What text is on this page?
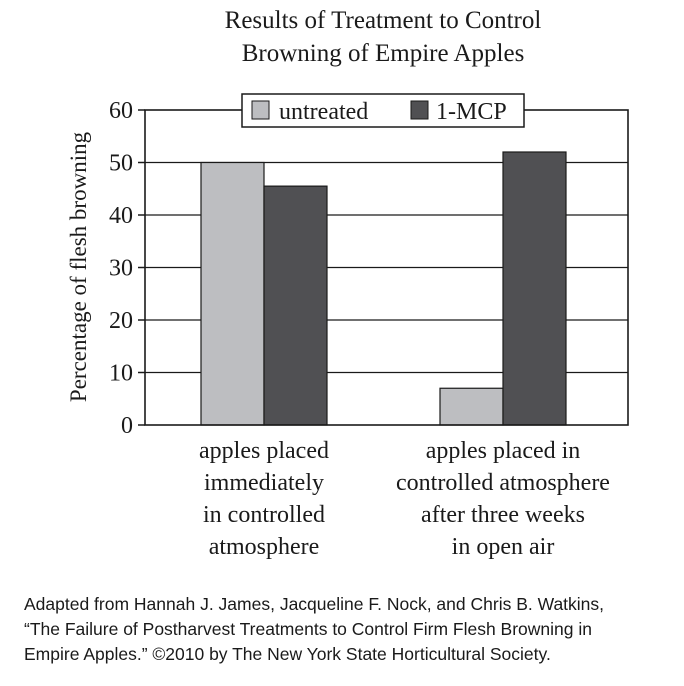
Results of Treatment to Control
Browning of Empire Apples
Percentage of flesh browning
0
10
20
30
40
50
60	untreated	1-MCP
apples placed
immediately
in controlled
atmosphere
apples placed in
controlled atmosphere
after three weeks
in open air
Adapted from Hannah J. James, Jacqueline F. Nock, and Chris B. Watkins,
“The Failure of Postharvest Treatments to Control Firm Flesh Browning in
Empire Apples.” ©2010 by The New York State Horticultural Society.
